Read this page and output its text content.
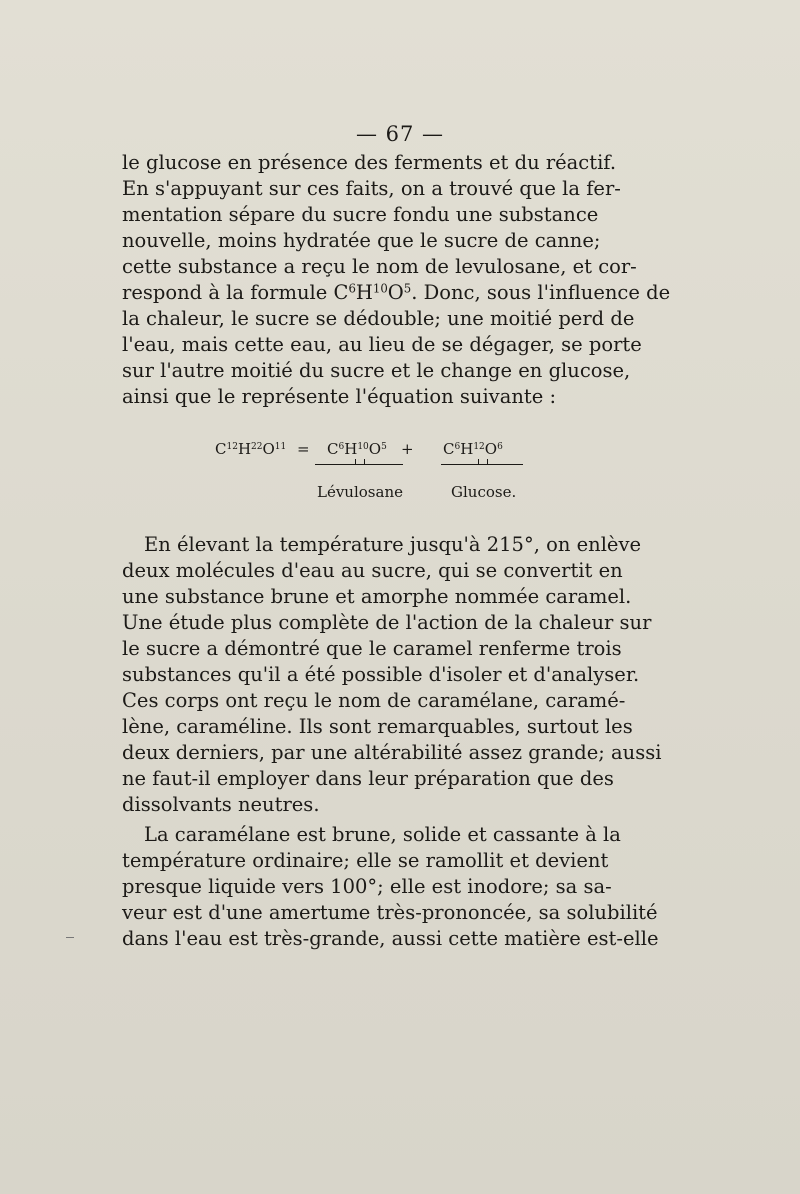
— 67 —
le glucose en présence des ferments et du réactif.
En s'appuyant sur ces faits, on a trouvé que la fer-
mentation sépare du sucre fondu une substance
nouvelle, moins hydratée que le sucre de canne;
cette substance a reçu le nom de levulosane, et cor-
respond à la formule $C^6H^{10}O^5$. Donc, sous l'influence de
la chaleur, le sucre se dédouble; une moitié perd de
l'eau, mais cette eau, au lieu de se dégager, se porte
sur l'autre moitié du sucre et le change en glucose,
ainsi que le représente l'équation suivante :
$C^{12}H^{22}O^{11} = C^6H^{10}O^5 + C^6H^{12}O^6$
Lévulosane	Glucose.
En élevant la température jusqu'à 215°, on enlève
deux molécules d'eau au sucre, qui se convertit en
une substance brune et amorphe nommée caramel.
Une étude plus complète de l'action de la chaleur sur
le sucre a démontré que le caramel renferme trois
substances qu'il a été possible d'isoler et d'analyser.
Ces corps ont reçu le nom de caramélane, caramé-
lène, caraméline. Ils sont remarquables, surtout les
deux derniers, par une altérabilité assez grande; aussi
ne faut-il employer dans leur préparation que des
dissolvants neutres.
La caramélane est brune, solide et cassante à la
température ordinaire; elle se ramollit et devient
presque liquide vers 100°; elle est inodore; sa sa-
veur est d'une amertume très-prononcée, sa solubilité
dans l'eau est très-grande, aussi cette matière est-elle
